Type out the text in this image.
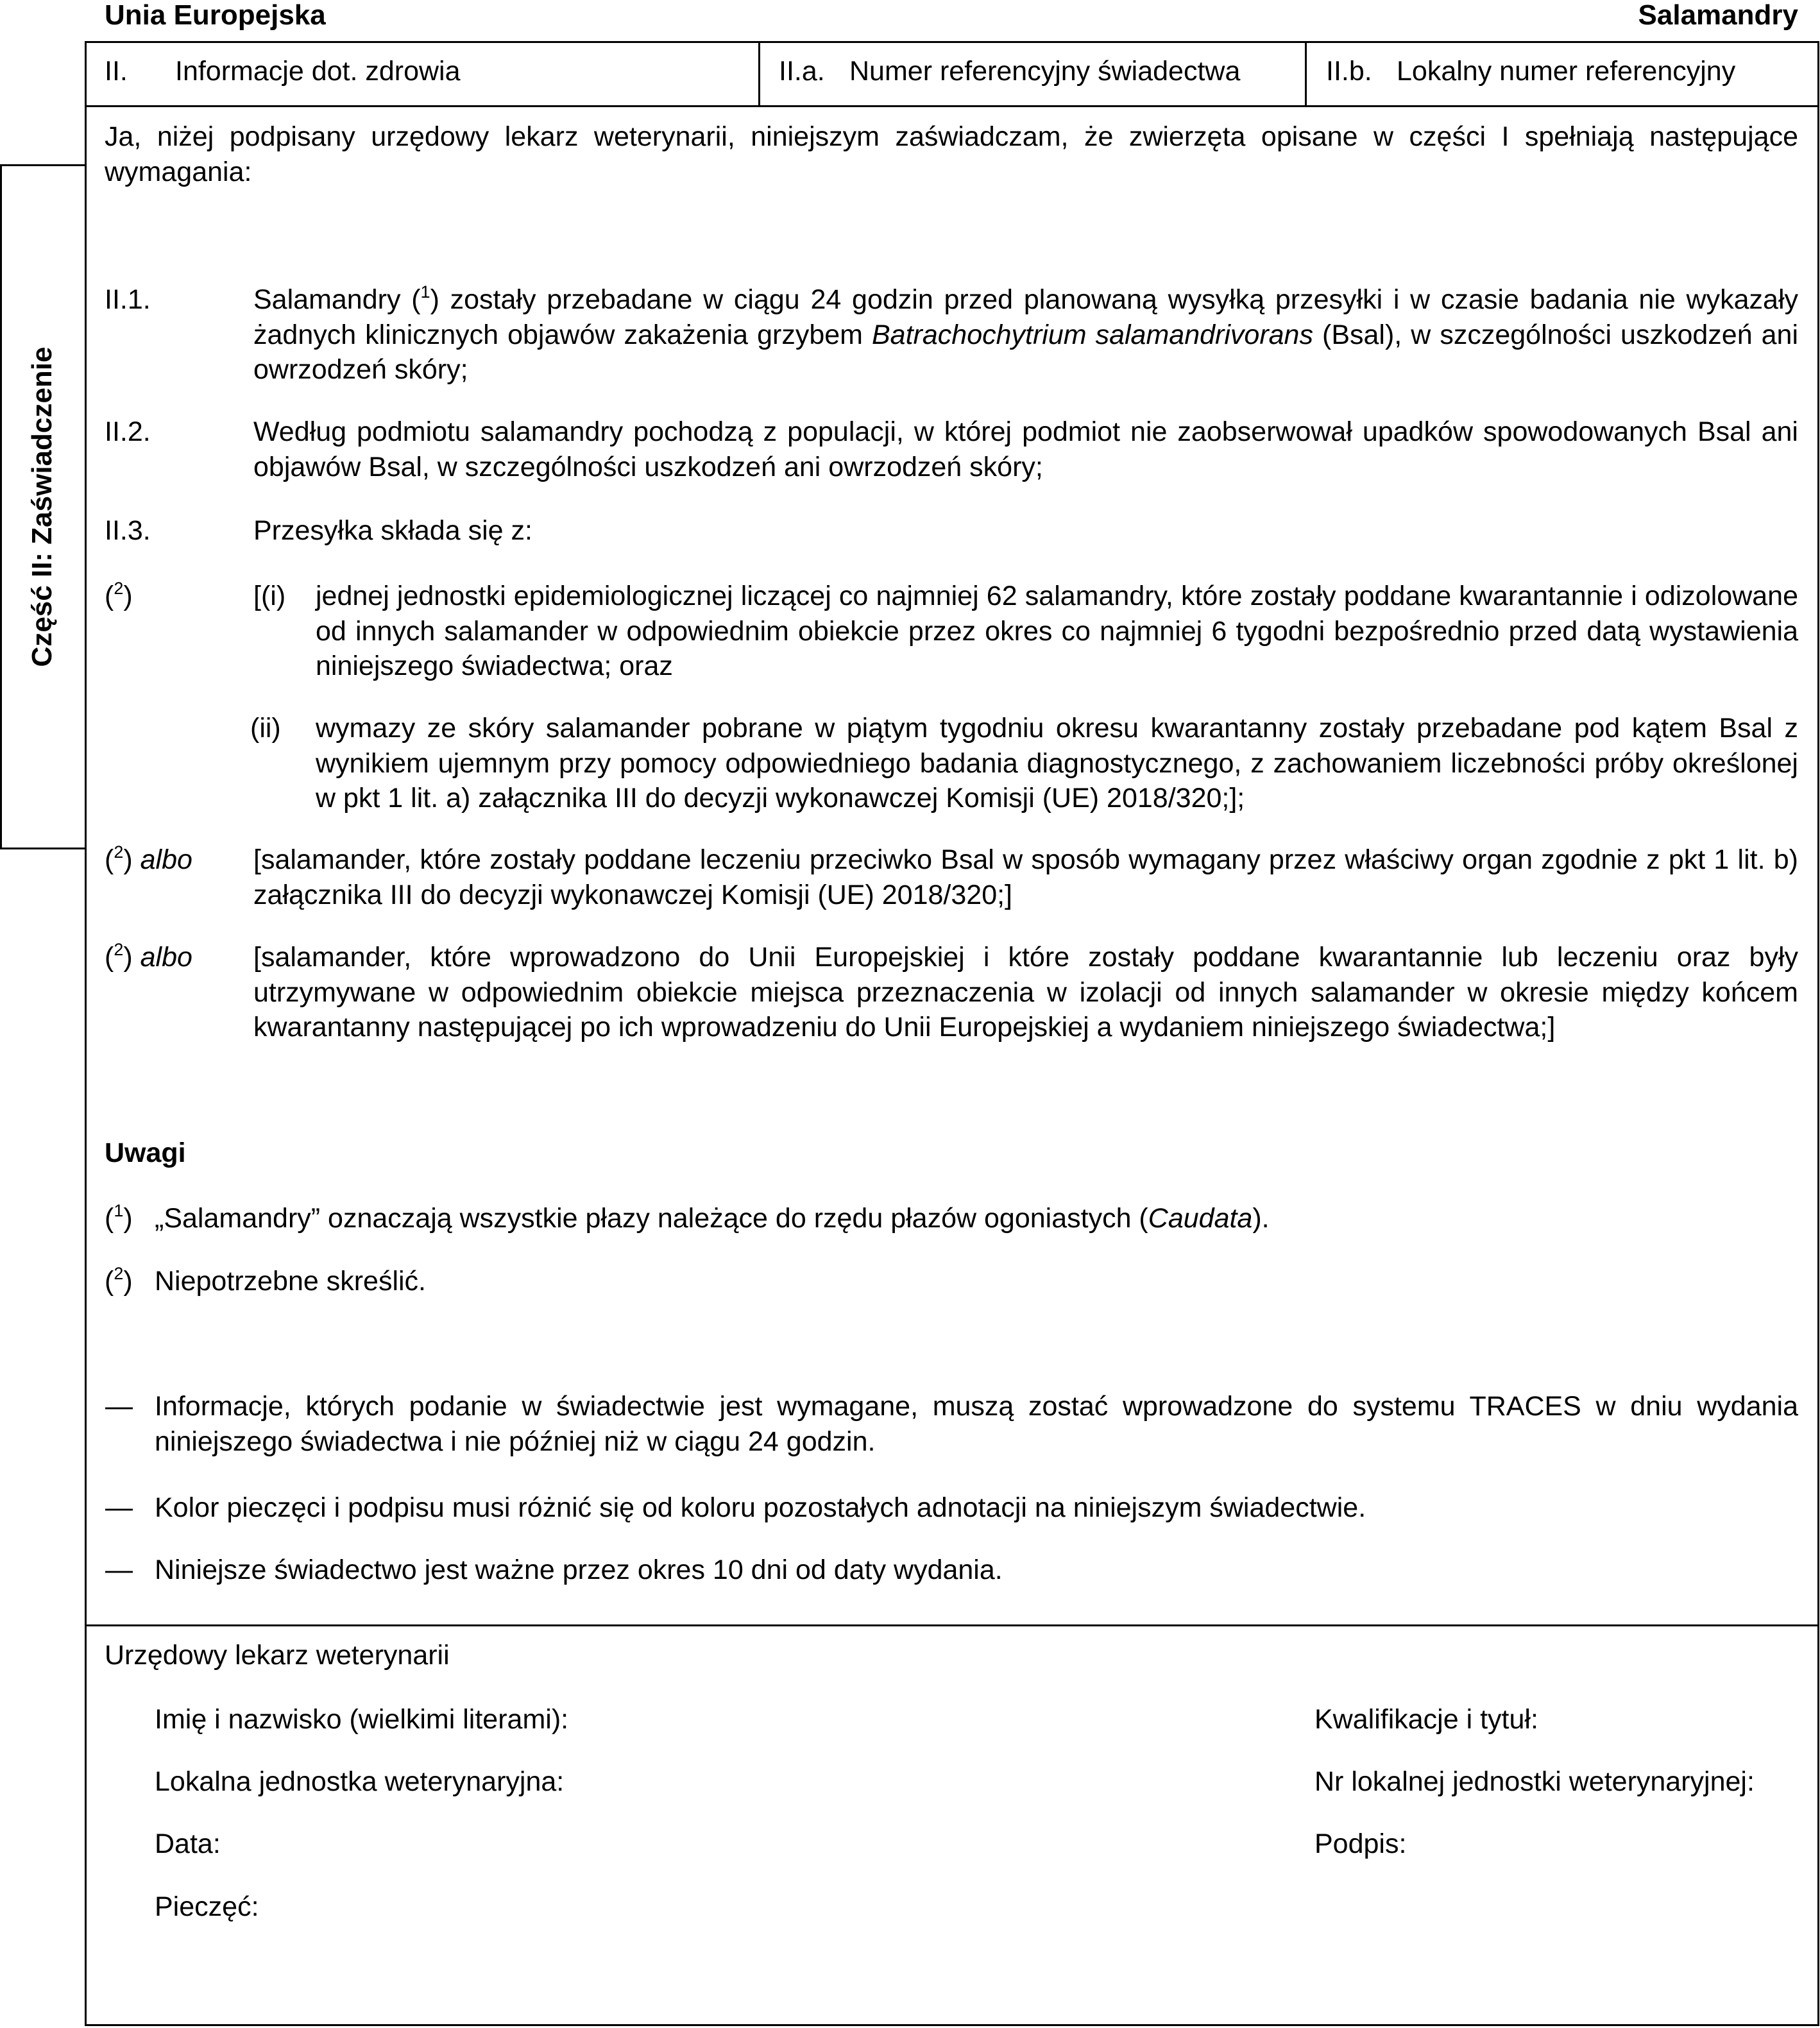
Unia Europejska	Salamandry
II. Informacje dot. zdrowia	II.a. Numer referencyjny świadectwa	II.b. Lokalny numer referencyjny
Część II: Zaświadczenie
Ja, niżej podpisany urzędowy lekarz weterynarii, niniejszym zaświadczam, że zwierzęta opisane w części I spełniają następujące wymagania:
II.1.	Salamandry ($^1$) zostały przebadane w ciągu 24 godzin przed planowaną wysyłką przesyłki i w czasie badania nie wykazały żadnych klinicznych objawów zakażenia grzybem Batrachochytrium salamandrivorans (Bsal), w szczególności uszkodzeń ani owrzodzeń skóry;
II.2.	Według podmiotu salamandry pochodzą z populacji, w której podmiot nie zaobserwował upadków spowodowanych Bsal ani objawów Bsal, w szczególności uszkodzeń ani owrzodzeń skóry;
II.3.	Przesyłka składa się z:
($^2$)	[(i) jednej jednostki epidemiologicznej liczącej co najmniej 62 salamandry, które zostały poddane kwarantannie i odizolowane od innych salamander w odpowiednim obiekcie przez okres co najmniej 6 tygodni bezpośrednio przed datą wystawienia niniejszego świadectwa; oraz
(ii) wymazy ze skóry salamander pobrane w piątym tygodniu okresu kwarantanny zostały przebadane pod kątem Bsal z wynikiem ujemnym przy pomocy odpowiedniego badania diagnostycznego, z zachowaniem liczebności próby określonej w pkt 1 lit. a) załącznika III do decyzji wykonawczej Komisji (UE) 2018/320;];
($^2$) albo [salamander, które zostały poddane leczeniu przeciwko Bsal w sposób wymagany przez właściwy organ zgodnie z pkt 1 lit. b) załącznika III do decyzji wykonawczej Komisji (UE) 2018/320;]
($^2$) albo [salamander, które wprowadzono do Unii Europejskiej i które zostały poddane kwarantannie lub leczeniu oraz były utrzymywane w odpowiednim obiekcie miejsca przeznaczenia w izolacji od innych salamander w okresie między końcem kwarantanny następującej po ich wprowadzeniu do Unii Europejskiej a wydaniem niniejszego świadectwa;]
Uwagi
($^1$) „Salamandry” oznaczają wszystkie płazy należące do rzędu płazów ogoniastych (Caudata).
($^2$) Niepotrzebne skreślić.
— Informacje, których podanie w świadectwie jest wymagane, muszą zostać wprowadzone do systemu TRACES w dniu wydania niniejszego świadectwa i nie później niż w ciągu 24 godzin.
— Kolor pieczęci i podpisu musi różnić się od koloru pozostałych adnotacji na niniejszym świadectwie.
— Niniejsze świadectwo jest ważne przez okres 10 dni od daty wydania.
Urzędowy lekarz weterynarii
Imię i nazwisko (wielkimi literami):	Kwalifikacje i tytuł:
Lokalna jednostka weterynaryjna:	Nr lokalnej jednostki weterynaryjnej:
Data:	Podpis:
Pieczęć:
